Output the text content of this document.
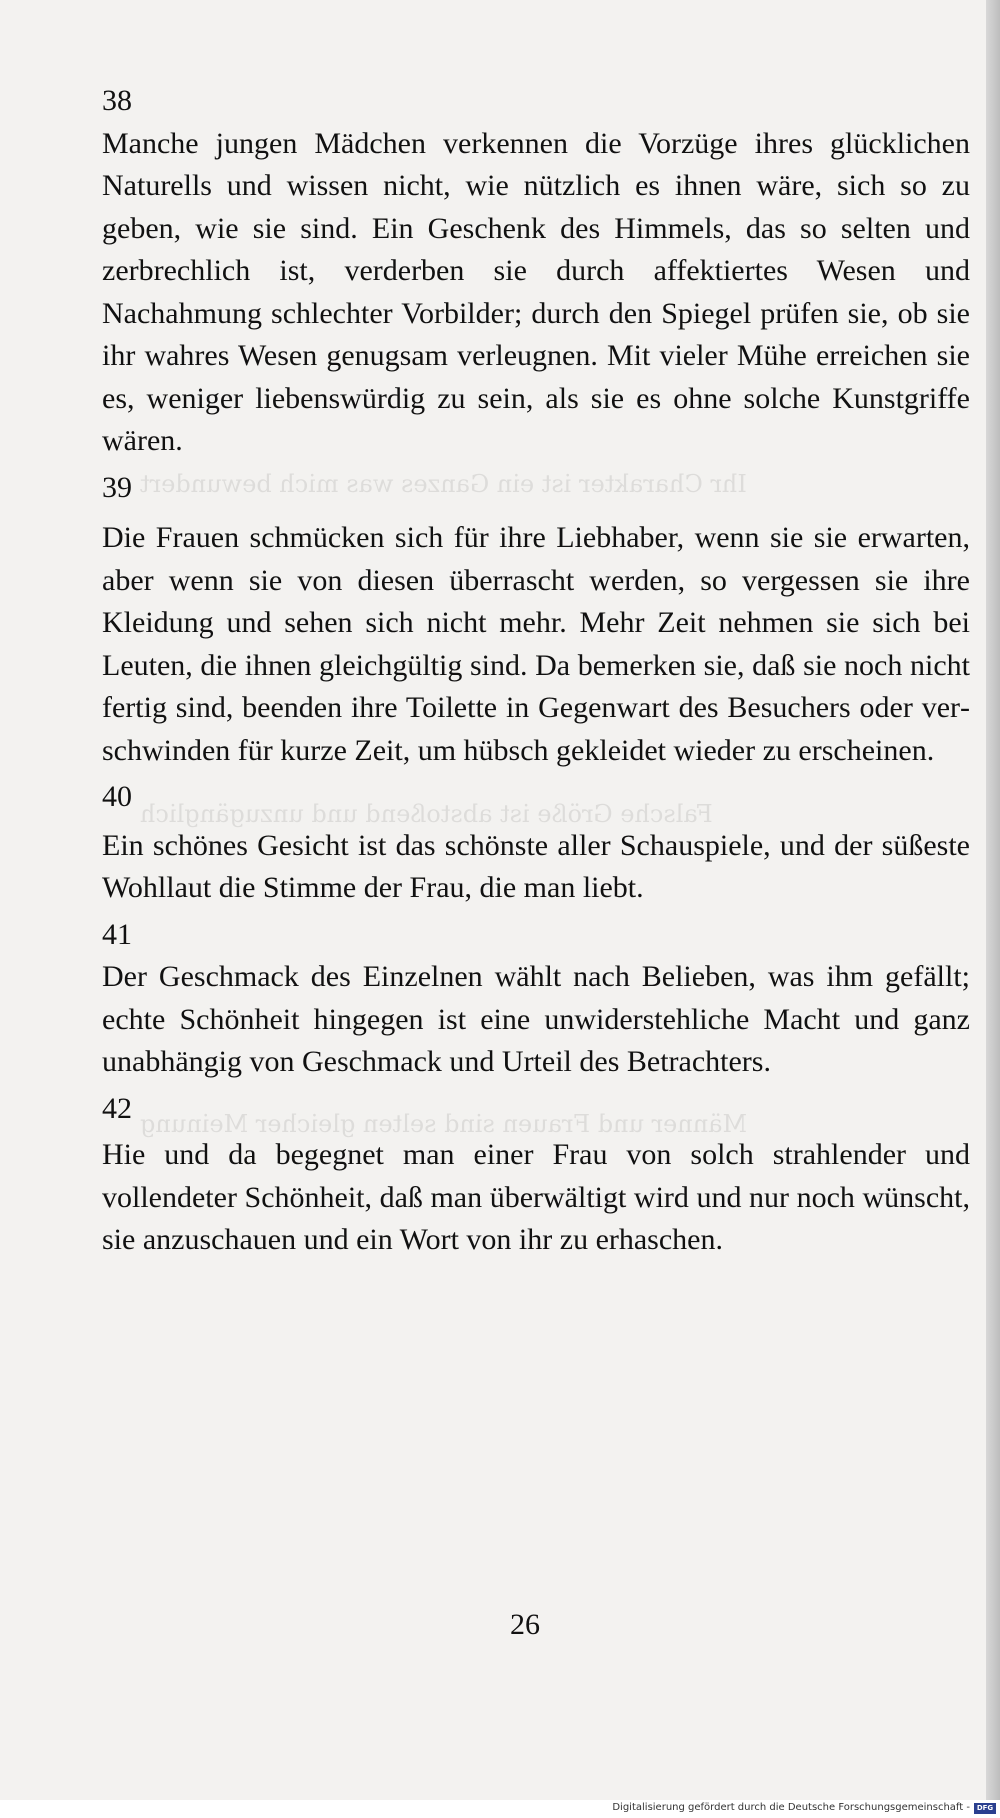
Ihr Charakter ist ein Ganzes was mich bewundert
Falsche Größe ist abstoßend und unzugänglich
Männer und Frauen sind selten gleicher Meinung
38

Manche jungen Mädchen verkennen die Vorzüge ihres glücklichen Naturells und wissen nicht, wie nützlich es ihnen wäre, sich so zu geben, wie sie sind. Ein Geschenk des Himmels, das so selten und zerbrechlich ist, verderben sie durch affektiertes Wesen und Nachahmung schlechter Vorbilder; durch den Spiegel prüfen sie, ob sie ihr wahres Wesen genugsam verleugnen. Mit vieler Mühe erreichen sie es, weniger liebenswürdig zu sein, als sie es ohne solche Kunstgriffe wären.

39

Die Frauen schmücken sich für ihre Liebhaber, wenn sie sie erwarten, aber wenn sie von diesen überrascht werden, so vergessen sie ihre Kleidung und sehen sich nicht mehr. Mehr Zeit nehmen sie sich bei Leuten, die ihnen gleichgültig sind. Da bemerken sie, daß sie noch nicht fertig sind, beenden ihre Toilette in Gegenwart des Besuchers oder verschwinden für kurze Zeit, um hübsch gekleidet wieder zu erscheinen.

40

Ein schönes Gesicht ist das schönste aller Schauspiele, und der süßeste Wohllaut die Stimme der Frau, die man liebt.

41

Der Geschmack des Einzelnen wählt nach Belieben, was ihm gefällt; echte Schönheit hingegen ist eine unwiderstehliche Macht und ganz unabhängig von Geschmack und Urteil des Betrachters.

42

Hie und da begegnet man einer Frau von solch strahlender und vollendeter Schönheit, daß man überwältigt wird und nur noch wünscht, sie anzuschauen und ein Wort von ihr zu erhaschen.

26
Digitalisierung gefördert durch die Deutsche Forschungsgemeinschaft - DFG
